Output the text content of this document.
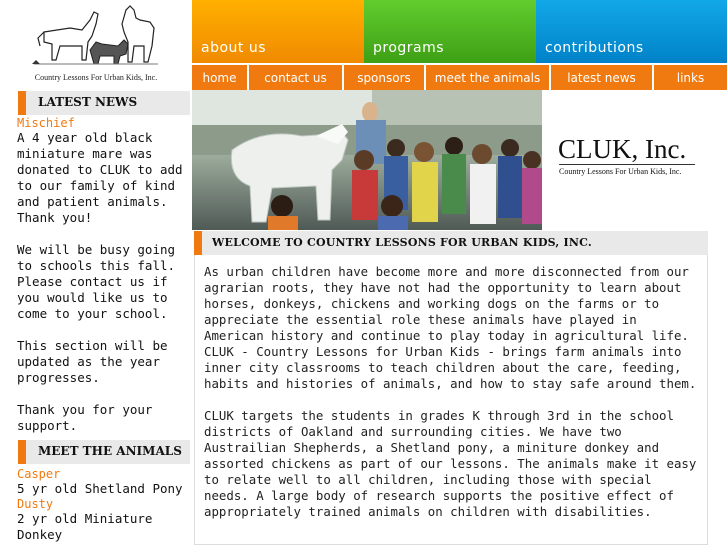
Country Lessons For Urban Kids, Inc.
about us	programs	contributions
home	contact us	sponsors	meet the animals	latest news	links
CLUK, Inc.
Country Lessons For Urban Kids, Inc.
LATEST NEWS
Mischief

A 4 year old black miniature mare was donated to CLUK to add to our family of kind and patient animals. Thank you!

We will be busy going to schools this fall. Please contact us if you would like us to come to your school.

This section will be updated as the year progresses.

Thank you for your support.

MEET THE ANIMALS
Casper
5 yr old Shetland Pony
Dusty
2 yr old Miniature Donkey
WELCOME TO COUNTRY LESSONS FOR URBAN KIDS, INC.

As urban children have become more and more disconnected from our agrarian roots, they have not had the opportunity to learn about horses, donkeys, chickens and working dogs on the farms or to appreciate the essential role these animals have played in American history and continue to play today in agricultural life. CLUK - Country Lessons for Urban Kids - brings farm animals into inner city classrooms to teach children about the care, feeding, habits and histories of animals, and how to stay safe around them.

CLUK targets the students in grades K through 3rd in the school districts of Oakland and surrounding cities. We have two Austrailian Shepherds, a Shetland pony, a miniture donkey and assorted chickens as part of our lessons. The animals make it easy to relate well to all children, including those with special needs. A large body of research supports the positive effect of appropriately trained animals on children with disabilities.
